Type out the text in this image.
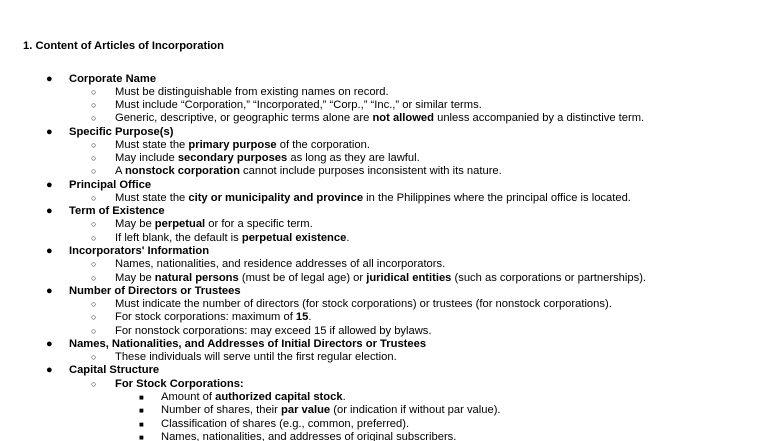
1. Content of Articles of Incorporation
● Corporate Name
○ Must be distinguishable from existing names on record.
○ Must include “Corporation,” “Incorporated,” “Corp.,” “Inc.,” or similar terms.
○ Generic, descriptive, or geographic terms alone are not allowed unless accompanied by a distinctive term.
● Specific Purpose(s)
○ Must state the primary purpose of the corporation.
○ May include secondary purposes as long as they are lawful.
○ A nonstock corporation cannot include purposes inconsistent with its nature.
● Principal Office
○ Must state the city or municipality and province in the Philippines where the principal office is located.
● Term of Existence
○ May be perpetual or for a specific term.
○ If left blank, the default is perpetual existence.
● Incorporators' Information
○ Names, nationalities, and residence addresses of all incorporators.
○ May be natural persons (must be of legal age) or juridical entities (such as corporations or partnerships).
● Number of Directors or Trustees
○ Must indicate the number of directors (for stock corporations) or trustees (for nonstock corporations).
○ For stock corporations: maximum of 15.
○ For nonstock corporations: may exceed 15 if allowed by bylaws.
● Names, Nationalities, and Addresses of Initial Directors or Trustees
○ These individuals will serve until the first regular election.
● Capital Structure
○ For Stock Corporations:
■ Amount of authorized capital stock.
■ Number of shares, their par value (or indication if without par value).
■ Classification of shares (e.g., common, preferred).
■ Names, nationalities, and addresses of original subscribers.
